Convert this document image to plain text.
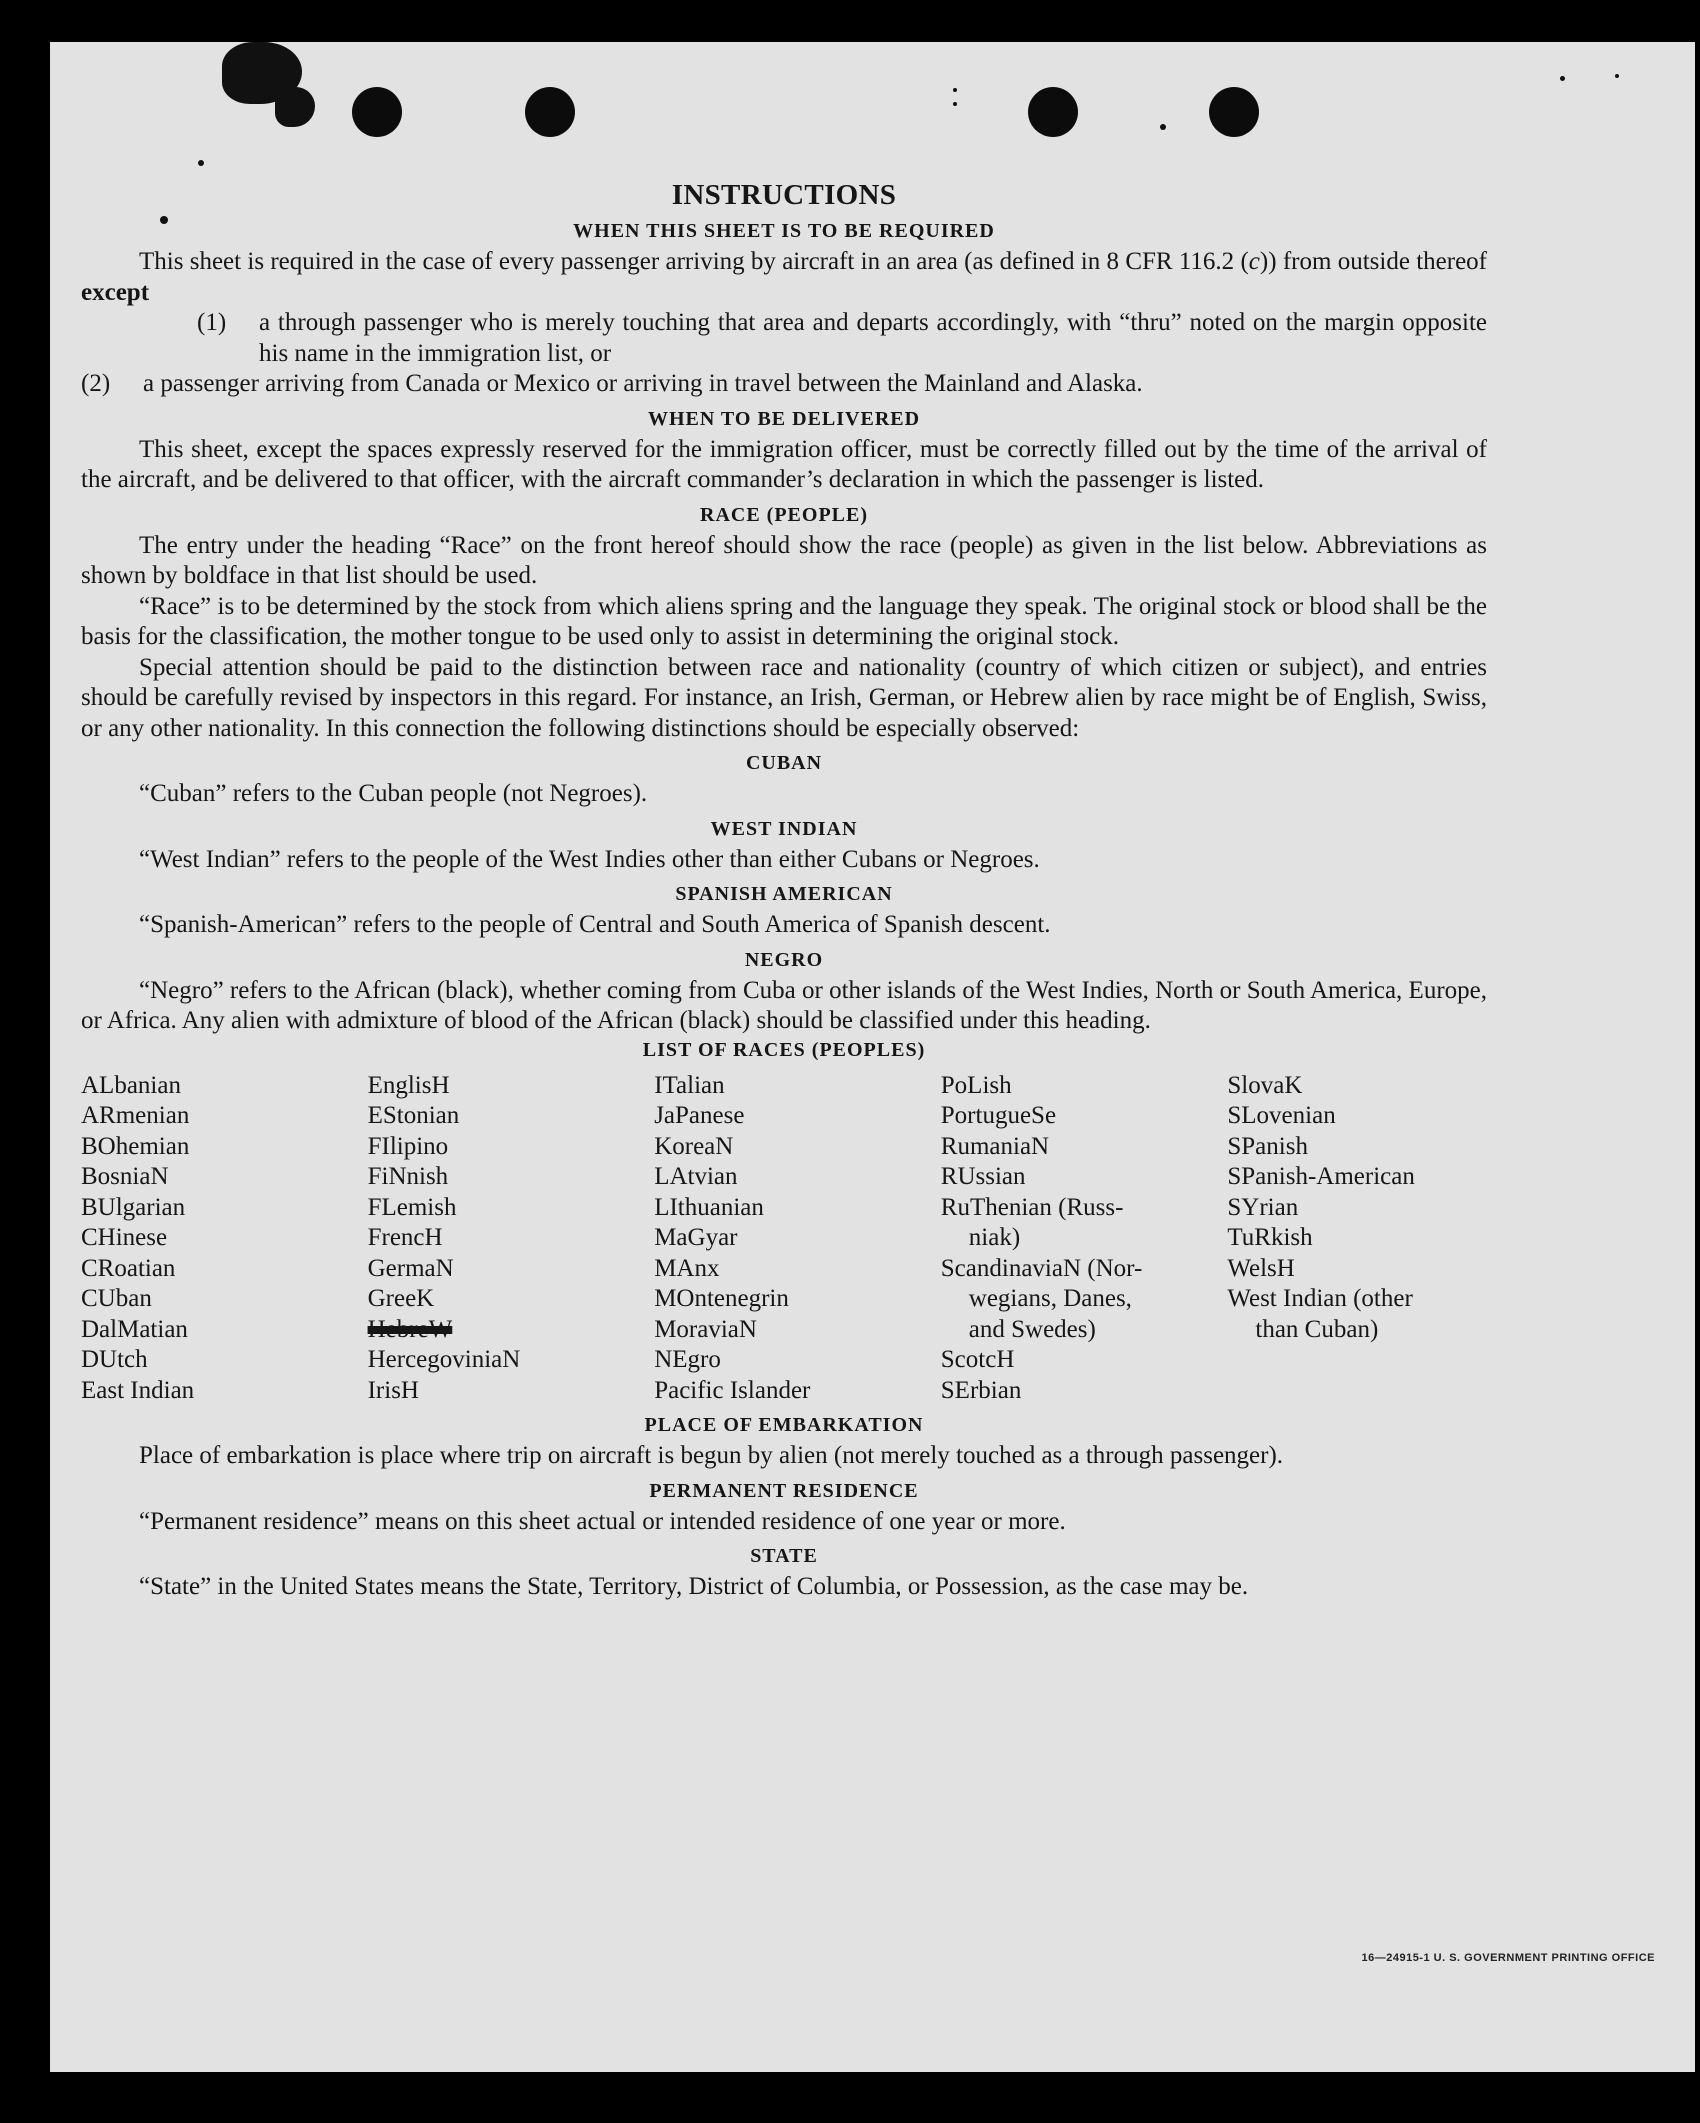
INSTRUCTIONS
WHEN THIS SHEET IS TO BE REQUIRED

This sheet is required in the case of every passenger arriving by aircraft in an area (as defined in 8 CFR 116.2 (c)) from outside thereof except

(1)	a through passenger who is merely touching that area and departs accordingly, with “thru” noted on the margin opposite his name in the immigration list, or
(2)	a passenger arriving from Canada or Mexico or arriving in travel between the Mainland and Alaska.
WHEN TO BE DELIVERED

This sheet, except the spaces expressly reserved for the immigration officer, must be correctly filled out by the time of the arrival of the aircraft, and be delivered to that officer, with the aircraft commander’s declaration in which the passenger is listed.

RACE (PEOPLE)

The entry under the heading “Race” on the front hereof should show the race (people) as given in the list below. Abbreviations as shown by boldface in that list should be used.

“Race” is to be determined by the stock from which aliens spring and the language they speak. The original stock or blood shall be the basis for the classification, the mother tongue to be used only to assist in determining the original stock.

Special attention should be paid to the distinction between race and nationality (country of which citizen or subject), and entries should be carefully revised by inspectors in this regard. For instance, an Irish, German, or Hebrew alien by race might be of English, Swiss, or any other nationality. In this connection the following distinctions should be especially observed:

CUBAN

“Cuban” refers to the Cuban people (not Negroes).

WEST INDIAN

“West Indian” refers to the people of the West Indies other than either Cubans or Negroes.

SPANISH AMERICAN

“Spanish-American” refers to the people of Central and South America of Spanish descent.

NEGRO

“Negro” refers to the African (black), whether coming from Cuba or other islands of the West Indies, North or South America, Europe, or Africa. Any alien with admixture of blood of the African (black) should be classified under this heading.

LIST OF RACES (PEOPLES)

ALbanian

ARmenian

BOhemian

BosniaN

BUlgarian

CHinese

CRoatian

CUban

DalMatian

DUtch

East Indian

EnglisH

EStonian

FIlipino

FiNnish

FLemish

FrencH

GermaN

GreeK

HebreW

HercegoviniaN

IrisH

ITalian

JaPanese

KoreaN

LAtvian

LIthuanian

MaGyar

MAnx

MOntenegrin

MoraviaN

NEgro

Pacific Islander

PoLish

PortugueSe

RumaniaN

RUssian

RuThenian (Russ-

niak)

ScandinaviaN (Nor-

wegians, Danes,

and Swedes)

ScotcH

SErbian

SlovaK

SLovenian

SPanish

SPanish-American

SYrian

TuRkish

WelsH

West Indian (other

than Cuban)

PLACE OF EMBARKATION

Place of embarkation is place where trip on aircraft is begun by alien (not merely touched as a through passenger).

PERMANENT RESIDENCE

“Permanent residence” means on this sheet actual or intended residence of one year or more.

STATE

“State” in the United States means the State, Territory, District of Columbia, or Possession, as the case may be.

16—24915-1 U. S. GOVERNMENT PRINTING OFFICE
